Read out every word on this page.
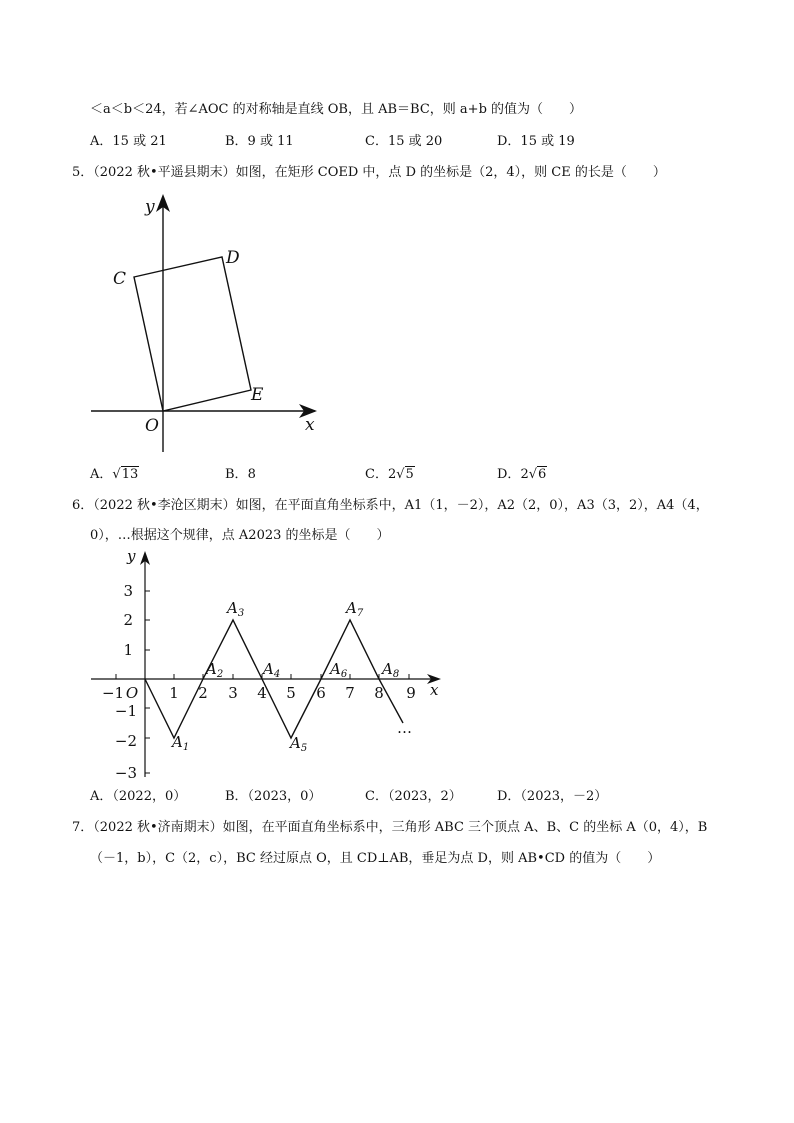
＜a＜b＜24，若∠AOC 的对称轴是直线 OB，且 AB＝BC，则 a+b 的值为（　　）
A．15 或 21	B．9 或 11	C．15 或 20	D．15 或 19
5．（2022 秋•平遥县期末）如图，在矩形 COED 中，点 D 的坐标是（2，4），则 CE 的长是（　　）
y
x
O
C
D
E
A．√13	B．8	C．2√5	D．2√6
6．（2022 秋•李沧区期末）如图，在平面直角坐标系中，A1（1，－2），A2（2，0），A3（3，2），A4（4，
0），…根据这个规律，点 A2023 的坐标是（　　）
3
2
1
−1
−2
−3
−1 O 1 2 3 4 5 6 7 8 9 x
y
$A_1$
$A_2$
$A_3$
$A_4$
$A_5$
$A_6$
$A_7$
$A_8$
…
A．（2022，0）	B．（2023，0）	C．（2023，2）	D．（2023，－2）
7．（2022 秋•济南期末）如图，在平面直角坐标系中，三角形 ABC 三个顶点 A、B、C 的坐标 A（0，4），B
（－1，b），C（2，c），BC 经过原点 O，且 CD⊥AB，垂足为点 D，则 AB•CD 的值为（　　）
